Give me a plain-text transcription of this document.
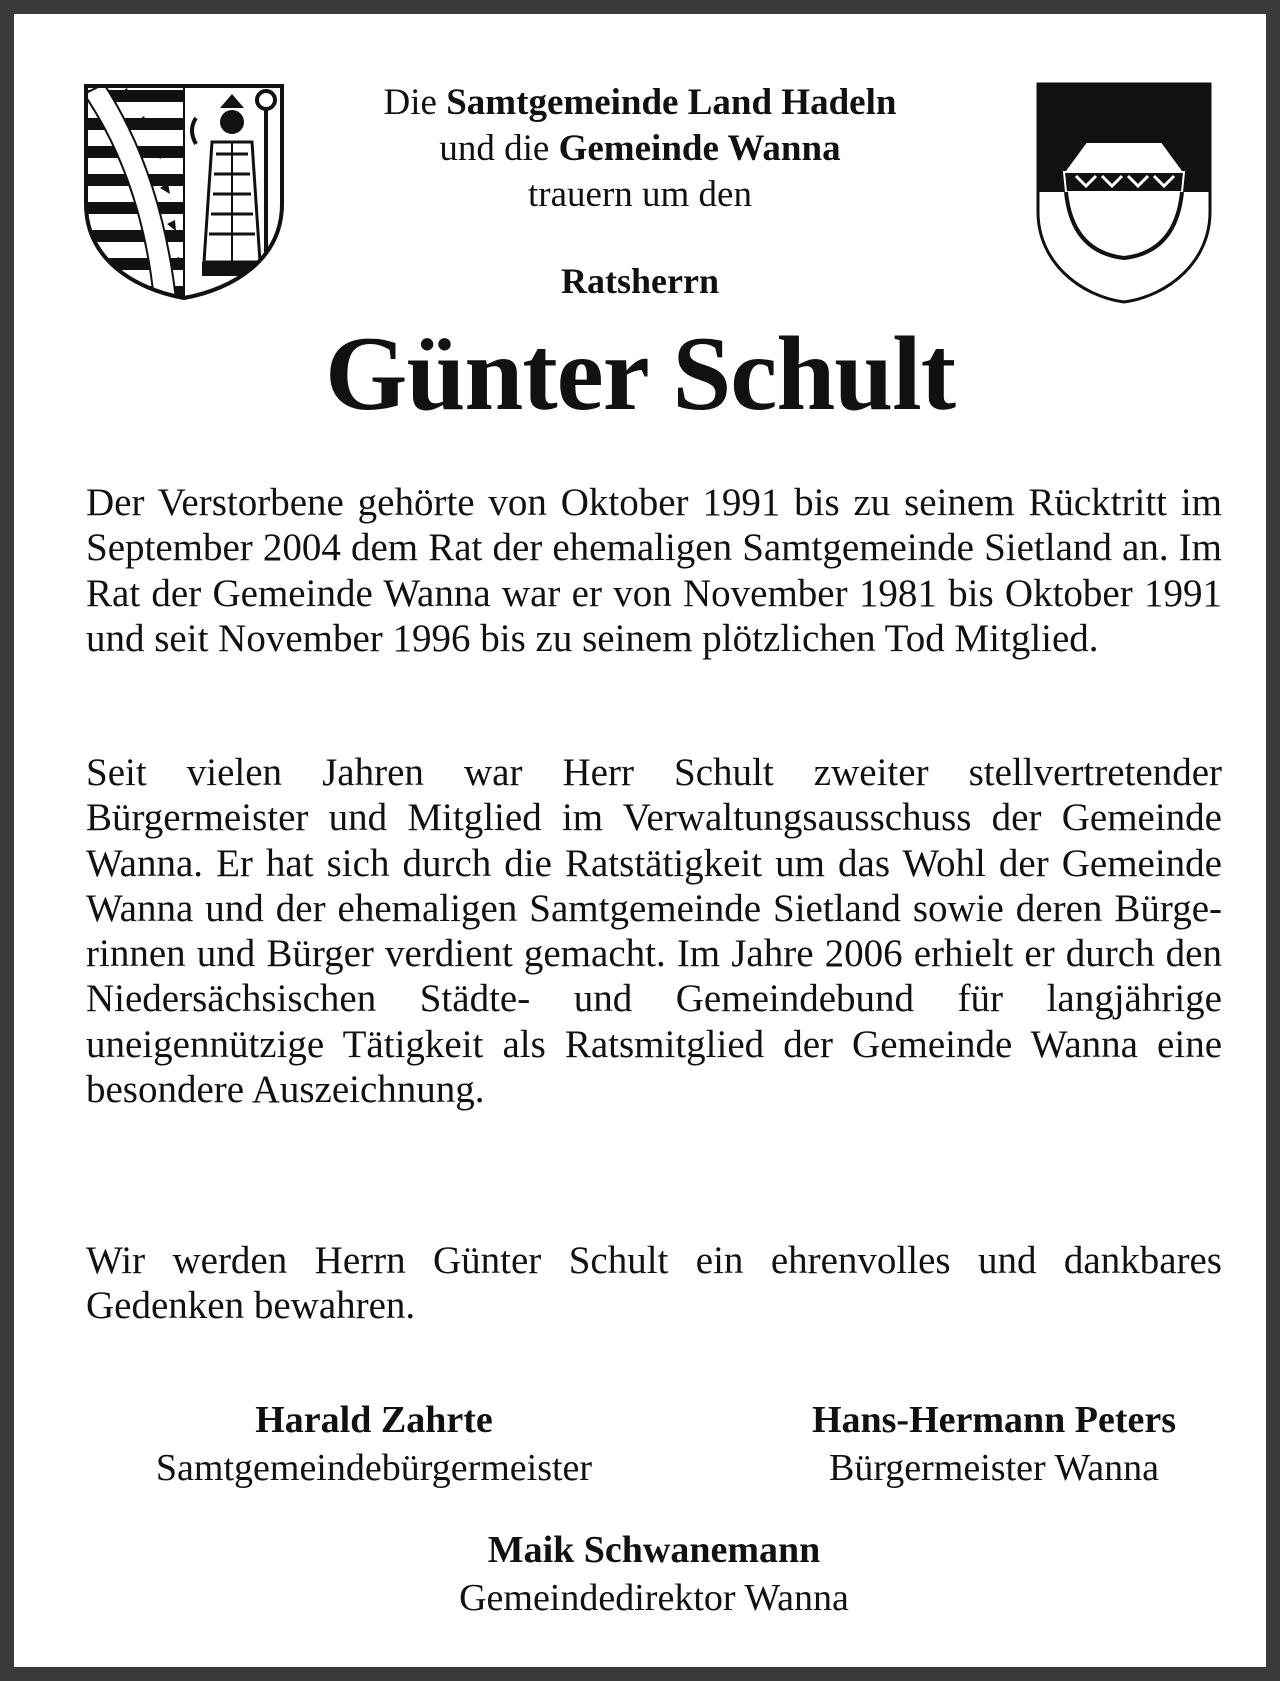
Die Samtgemeinde Land Hadeln
und die Gemeinde Wanna
trauern um den
Ratsherrn
Günter Schult

Der Verstorbene gehörte von Oktober 1991 bis zu seinem Rücktritt im September 2004 dem Rat der ehemaligen Samtgemeinde Sietland an. Im Rat der Gemeinde Wanna war er von November 1981 bis Oktober 1991 und seit November 1996 bis zu seinem plötzlichen Tod Mitglied.

Seit vielen Jahren war Herr Schult zweiter stellvertretender Bürgermeister und Mitglied im Verwaltungsausschuss der Gemeinde Wanna. Er hat sich durch die Ratstätigkeit um das Wohl der Gemeinde Wanna und der ehemaligen Samtgemeinde Sietland sowie deren Bürgerinnen und Bürger verdient gemacht. Im Jahre 2006 erhielt er durch den Niedersächsischen Städte- und Gemeindebund für langjährige uneigennützige Tätigkeit als Ratsmitglied der Gemeinde Wanna eine besondere Auszeichnung.

Wir werden Herrn Günter Schult ein ehrenvolles und dankbares Gedenken bewahren.

Harald Zahrte
Samtgemeindebürgermeister
Hans-Hermann Peters
Bürgermeister Wanna
Maik Schwanemann
Gemeindedirektor Wanna
